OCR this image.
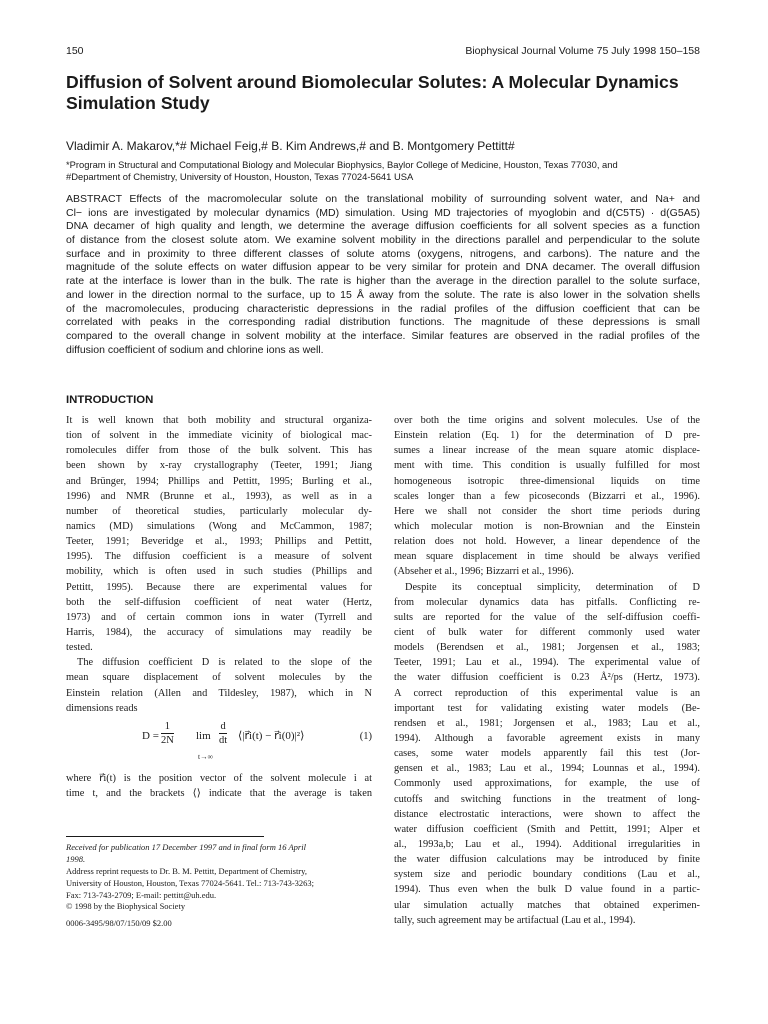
150	Biophysical Journal Volume 75 July 1998 150–158
Diffusion of Solvent around Biomolecular Solutes: A Molecular Dynamics
Simulation Study
Vladimir A. Makarov,*# Michael Feig,# B. Kim Andrews,# and B. Montgomery Pettitt#
*Program in Structural and Computational Biology and Molecular Biophysics, Baylor College of Medicine, Houston, Texas 77030, and
#Department of Chemistry, University of Houston, Houston, Texas 77024-5641 USA
ABSTRACT Effects of the macromolecular solute on the translational mobility of surrounding solvent water, and Na+ and
Cl− ions are investigated by molecular dynamics (MD) simulation. Using MD trajectories of myoglobin and d(C5T5) · d(G5A5)
DNA decamer of high quality and length, we determine the average diffusion coefficients for all solvent species as a function
of distance from the closest solute atom. We examine solvent mobility in the directions parallel and perpendicular to the solute
surface and in proximity to three different classes of solute atoms (oxygens, nitrogens, and carbons). The nature and the
magnitude of the solute effects on water diffusion appear to be very similar for protein and DNA decamer. The overall diffusion
rate at the interface is lower than in the bulk. The rate is higher than the average in the direction parallel to the solute surface,
and lower in the direction normal to the surface, up to 15 Å away from the solute. The rate is also lower in the solvation shells
of the macromolecules, producing characteristic depressions in the radial profiles of the diffusion coefficient that can be
correlated with peaks in the corresponding radial distribution functions. The magnitude of these depressions is small
compared to the overall change in solvent mobility at the interface. Similar features are observed in the radial profiles of the
diffusion coefficient of sodium and chlorine ions as well.
INTRODUCTION
It is well known that both mobility and structural organiza-
tion of solvent in the immediate vicinity of biological mac-
romolecules differ from those of the bulk solvent. This has
been shown by x-ray crystallography (Teeter, 1991; Jiang
and Brünger, 1994; Phillips and Pettitt, 1995; Burling et al.,
1996) and NMR (Brunne et al., 1993), as well as in a
number of theoretical studies, particularly molecular dy-
namics (MD) simulations (Wong and McCammon, 1987;
Teeter, 1991; Beveridge et al., 1993; Phillips and Pettitt,
1995). The diffusion coefficient is a measure of solvent
mobility, which is often used in such studies (Phillips and
Pettitt, 1995). Because there are experimental values for
both the self-diffusion coefficient of neat water (Hertz,
1973) and of certain common ions in water (Tyrrell and
Harris, 1984), the accuracy of simulations may readily be
tested.
The diffusion coefficient D is related to the slope of the
mean square displacement of solvent molecules by the
Einstein relation (Allen and Tildesley, 1987), which in N
dimensions reads
$D = \frac{1}{2N}$ lim
t→∞
$\frac{d}{dt}$ ⟨|r⃗i(t) − r⃗i(0)|²⟩	(1)
where r⃗i(t) is the position vector of the solvent molecule i at
time t, and the brackets ⟨⟩ indicate that the average is taken
over both the time origins and solvent molecules. Use of the
Einstein relation (Eq. 1) for the determination of D pre-
sumes a linear increase of the mean square atomic displace-
ment with time. This condition is usually fulfilled for most
homogeneous isotropic three-dimensional liquids on time
scales longer than a few picoseconds (Bizzarri et al., 1996).
Here we shall not consider the short time periods during
which molecular motion is non-Brownian and the Einstein
relation does not hold. However, a linear dependence of the
mean square displacement in time should be always verified
(Abseher et al., 1996; Bizzarri et al., 1996).
Despite its conceptual simplicity, determination of D
from molecular dynamics data has pitfalls. Conflicting re-
sults are reported for the value of the self-diffusion coeffi-
cient of bulk water for different commonly used water
models (Berendsen et al., 1981; Jorgensen et al., 1983;
Teeter, 1991; Lau et al., 1994). The experimental value of
the water diffusion coefficient is 0.23 Å²/ps (Hertz, 1973).
A correct reproduction of this experimental value is an
important test for validating existing water models (Be-
rendsen et al., 1981; Jorgensen et al., 1983; Lau et al.,
1994). Although a favorable agreement exists in many
cases, some water models apparently fail this test (Jor-
gensen et al., 1983; Lau et al., 1994; Lounnas et al., 1994).
Commonly used approximations, for example, the use of
cutoffs and switching functions in the treatment of long-
distance electrostatic interactions, were shown to affect the
water diffusion coefficient (Smith and Pettitt, 1991; Alper et
al., 1993a,b; Lau et al., 1994). Additional irregularities in
the water diffusion calculations may be introduced by finite
system size and periodic boundary conditions (Lau et al.,
1994). Thus even when the bulk D value found in a partic-
ular simulation actually matches that obtained experimen-
tally, such agreement may be artifactual (Lau et al., 1994).
Received for publication 17 December 1997 and in final form 16 April
1998.
Address reprint requests to Dr. B. M. Pettitt, Department of Chemistry,
University of Houston, Houston, Texas 77024-5641. Tel.: 713-743-3263;
Fax: 713-743-2709; E-mail: pettitt@uh.edu.
© 1998 by the Biophysical Society
0006-3495/98/07/150/09 $2.00
